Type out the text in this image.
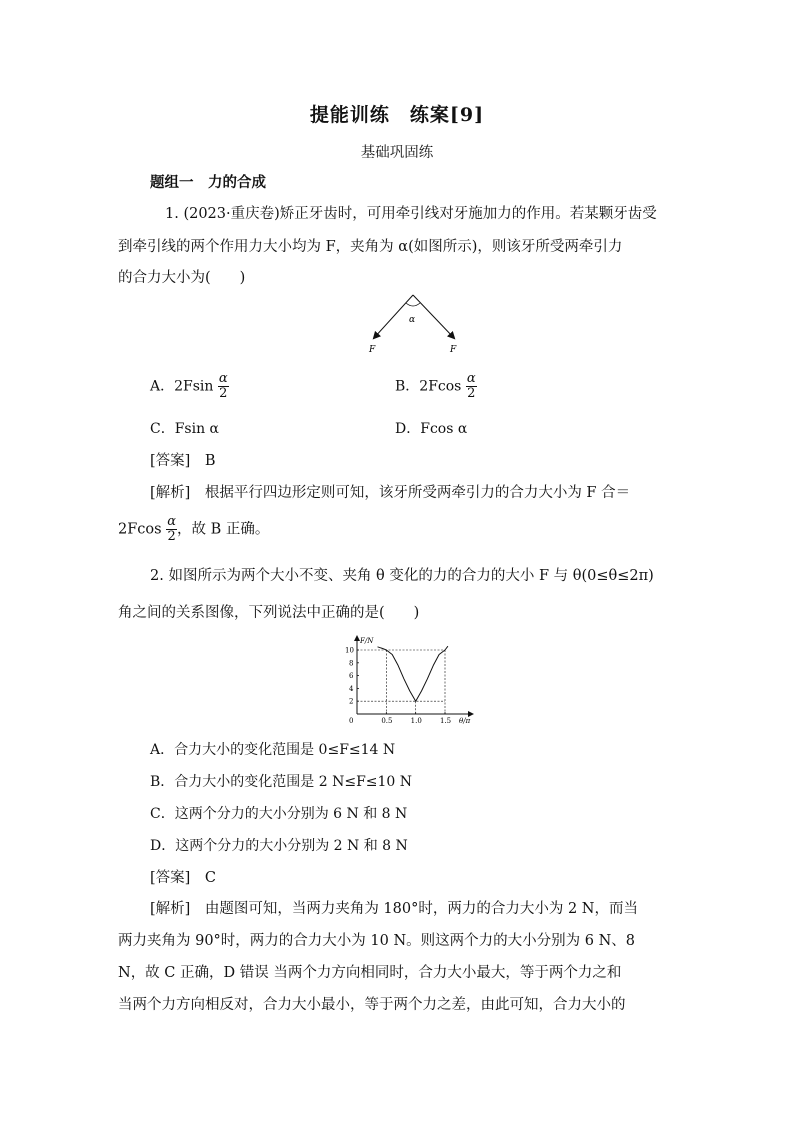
提能训练　练案[9]
基础巩固练
题组一　力的合成
1. (2023·重庆卷)矫正牙齿时，可用牵引线对牙施加力的作用。若某颗牙齿受
到牵引线的两个作用力大小均为 F，夹角为 α(如图所示)，则该牙所受两牵引力
的合力大小为(　　)
α
F	F
A．$2Fsin \frac{\alpha}{2}$	B．$2Fcos \frac{\alpha}{2}$
C．Fsin α	D．Fcos α
[答案]　 B
[解析]　 根据平行四边形定则可知，该牙所受两牵引力的合力大小为 F 合＝
$2Fcos \frac{\alpha}{2}$ ，故 B 正确。
2. 如图所示为两个大小不变、夹角 θ 变化的力的合力的大小 F 与 θ(0≤θ≤2π)
角之间的关系图像，下列说法中正确的是(　　)
F/N
θ/π
0
2
4
6
8
10
0.5	1.0	1.5
A．合力大小的变化范围是 0≤F≤14 N
B．合力大小的变化范围是 2 N≤F≤10 N
C．这两个分力的大小分别为 6 N 和 8 N
D．这两个分力的大小分别为 2 N 和 8 N
[答案]　 C
[解析]　 由题图可知，当两力夹角为 180°时，两力的合力大小为 2 N，而当
两力夹角为 90°时，两力的合力大小为 10 N。则这两个力的大小分别为 6 N、8
N，故 C 正确，D 错误 当两个力方向相同时，合力大小最大，等于两个力之和
当两个力方向相反对，合力大小最小，等于两个力之差，由此可知，合力大小的
